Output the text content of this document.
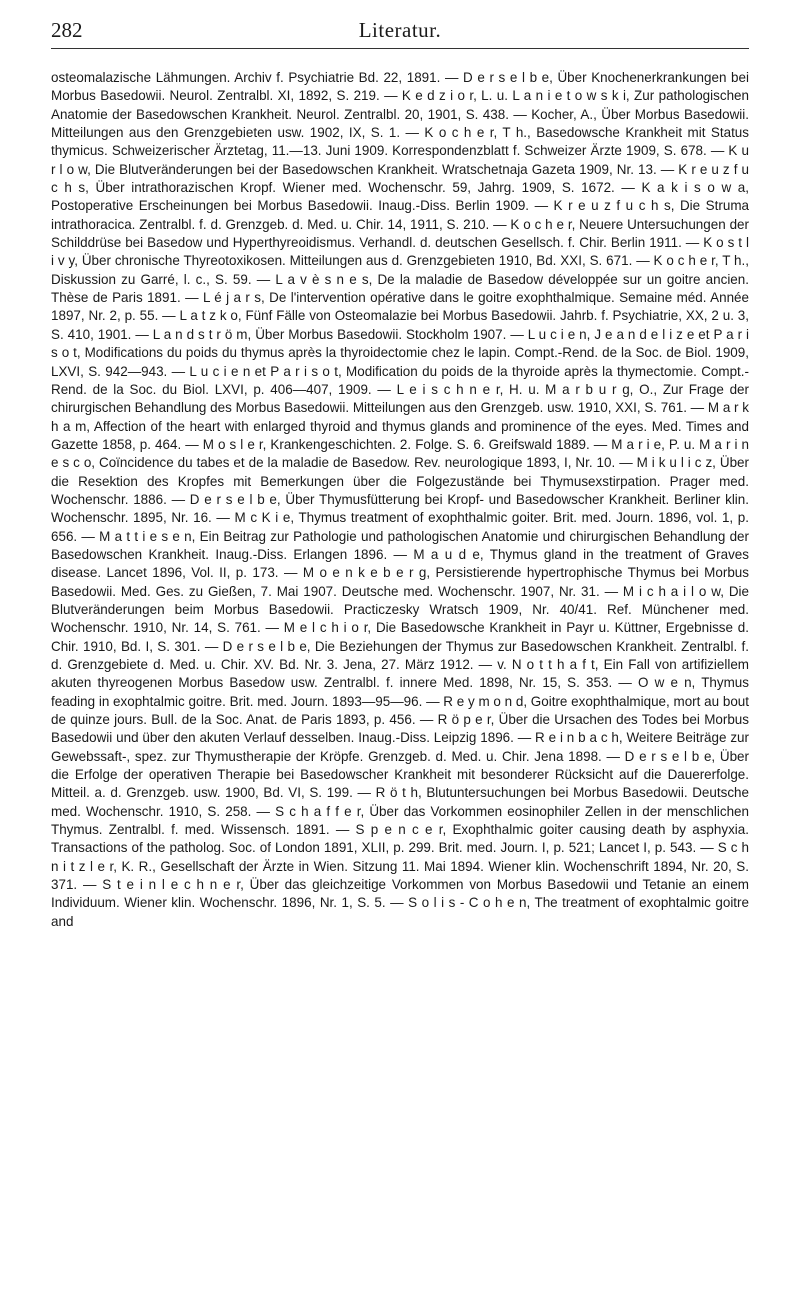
282	Literatur.

osteomalazische Lähmungen. Archiv f. Psychiatrie Bd. 22, 1891. — D e r s e l b e, Über Knochenerkrankungen bei Morbus Basedowii. Neurol. Zentralbl. XI, 1892, S. 219. — K e d z i o r, L. u. L a n i e t o w s k i, Zur pathologischen Anatomie der Basedowschen Krankheit. Neurol. Zentralbl. 20, 1901, S. 438. — Kocher, A., Über Morbus Basedowii. Mitteilungen aus den Grenzgebieten usw. 1902, IX, S. 1. — K o c h e r, T h., Basedowsche Krankheit mit Status thymicus. Schweizerischer Ärztetag, 11.—13. Juni 1909. Korrespondenzblatt f. Schweizer Ärzte 1909, S. 678. — K u r l o w, Die Blutveränderungen bei der Basedowschen Krankheit. Wratschetnaja Gazeta 1909, Nr. 13. — K r e u z f u c h s, Über intrathorazischen Kropf. Wiener med. Wochenschr. 59, Jahrg. 1909, S. 1672. — K a k i s o w a, Postoperative Erscheinungen bei Morbus Basedowii. Inaug.-Diss. Berlin 1909. — K r e u z f u c h s, Die Struma intrathoracica. Zentralbl. f. d. Grenzgeb. d. Med. u. Chir. 14, 1911, S. 210. — K o c h e r, Neuere Untersuchungen der Schilddrüse bei Basedow und Hyperthyreoidismus. Verhandl. d. deutschen Gesellsch. f. Chir. Berlin 1911. — K o s t l i v y, Über chronische Thyreotoxikosen. Mitteilungen aus d. Grenzgebieten 1910, Bd. XXI, S. 671. — K o c h e r, T h., Diskussion zu Garré, l. c., S. 59. — L a v è s n e s, De la maladie de Basedow développée sur un goitre ancien. Thèse de Paris 1891. — L é j a r s, De l'intervention opérative dans le goitre exophthalmique. Semaine méd. Année 1897, Nr. 2, p. 55. — L a t z k o, Fünf Fälle von Osteomalazie bei Morbus Basedowii. Jahrb. f. Psychiatrie, XX, 2 u. 3, S. 410, 1901. — L a n d s t r ö m, Über Morbus Basedowii. Stockholm 1907. — L u c i e n, J e a n d e l i z e et P a r i s o t, Modifications du poids du thymus après la thyroidectomie chez le lapin. Compt.-Rend. de la Soc. de Biol. 1909, LXVI, S. 942—943. — L u c i e n et P a r i s o t, Modification du poids de la thyroide après la thymectomie. Compt.-Rend. de la Soc. du Biol. LXVI, p. 406—407, 1909. — L e i s c h n e r, H. u. M a r b u r g, O., Zur Frage der chirurgischen Behandlung des Morbus Basedowii. Mitteilungen aus den Grenzgeb. usw. 1910, XXI, S. 761. — M a r k h a m, Affection of the heart with enlarged thyroid and thymus glands and prominence of the eyes. Med. Times and Gazette 1858, p. 464. — M o s l e r, Krankengeschichten. 2. Folge. S. 6. Greifswald 1889. — M a r i e, P. u. M a r i n e s c o, Coïncidence du tabes et de la maladie de Basedow. Rev. neurologique 1893, I, Nr. 10. — M i k u l i c z, Über die Resektion des Kropfes mit Bemerkungen über die Folgezustände bei Thymusexstirpation. Prager med. Wochenschr. 1886. — D e r s e l b e, Über Thymusfütterung bei Kropf- und Basedowscher Krankheit. Berliner klin. Wochenschr. 1895, Nr. 16. — M c K i e, Thymus treatment of exophthalmic goiter. Brit. med. Journ. 1896, vol. 1, p. 656. — M a t t i e s e n, Ein Beitrag zur Pathologie und pathologischen Anatomie und chirurgischen Behandlung der Basedowschen Krankheit. Inaug.-Diss. Erlangen 1896. — M a u d e, Thymus gland in the treatment of Graves disease. Lancet 1896, Vol. II, p. 173. — M o e n k e b e r g, Persistierende hypertrophische Thymus bei Morbus Basedowii. Med. Ges. zu Gießen, 7. Mai 1907. Deutsche med. Wochenschr. 1907, Nr. 31. — M i c h a i l o w, Die Blutveränderungen beim Morbus Basedowii. Practiczesky Wratsch 1909, Nr. 40/41. Ref. Münchener med. Wochenschr. 1910, Nr. 14, S. 761. — M e l c h i o r, Die Basedowsche Krankheit in Payr u. Küttner, Ergebnisse d. Chir. 1910, Bd. I, S. 301. — D e r s e l b e, Die Beziehungen der Thymus zur Basedowschen Krankheit. Zentralbl. f. d. Grenzgebiete d. Med. u. Chir. XV. Bd. Nr. 3. Jena, 27. März 1912. — v. N o t t h a f t, Ein Fall von artifiziellem akuten thyreogenen Morbus Basedow usw. Zentralbl. f. innere Med. 1898, Nr. 15, S. 353. — O w e n, Thymus feading in exophtalmic goitre. Brit. med. Journ. 1893—95—96. — R e y m o n d, Goitre exophthalmique, mort au bout de quinze jours. Bull. de la Soc. Anat. de Paris 1893, p. 456. — R ö p e r, Über die Ursachen des Todes bei Morbus Basedowii und über den akuten Verlauf desselben. Inaug.-Diss. Leipzig 1896. — R e i n b a c h, Weitere Beiträge zur Gewebssaft-, spez. zur Thymustherapie der Kröpfe. Grenzgeb. d. Med. u. Chir. Jena 1898. — D e r s e l b e, Über die Erfolge der operativen Therapie bei Basedowscher Krankheit mit besonderer Rücksicht auf die Dauererfolge. Mitteil. a. d. Grenzgeb. usw. 1900, Bd. VI, S. 199. — R ö t h, Blutuntersuchungen bei Morbus Basedowii. Deutsche med. Wochenschr. 1910, S. 258. — S c h a f f e r, Über das Vorkommen eosinophiler Zellen in der menschlichen Thymus. Zentralbl. f. med. Wissensch. 1891. — S p e n c e r, Exophthalmic goiter causing death by asphyxia. Transactions of the patholog. Soc. of London 1891, XLII, p. 299. Brit. med. Journ. I, p. 521; Lancet I, p. 543. — S c h n i t z l e r, K. R., Gesellschaft der Ärzte in Wien. Sitzung 11. Mai 1894. Wiener klin. Wochenschrift 1894, Nr. 20, S. 371. — S t e i n l e c h n e r, Über das gleichzeitige Vorkommen von Morbus Basedowii und Tetanie an einem Individuum. Wiener klin. Wochenschr. 1896, Nr. 1, S. 5. — S o l i s - C o h e n, The treatment of exophtalmic goitre and
